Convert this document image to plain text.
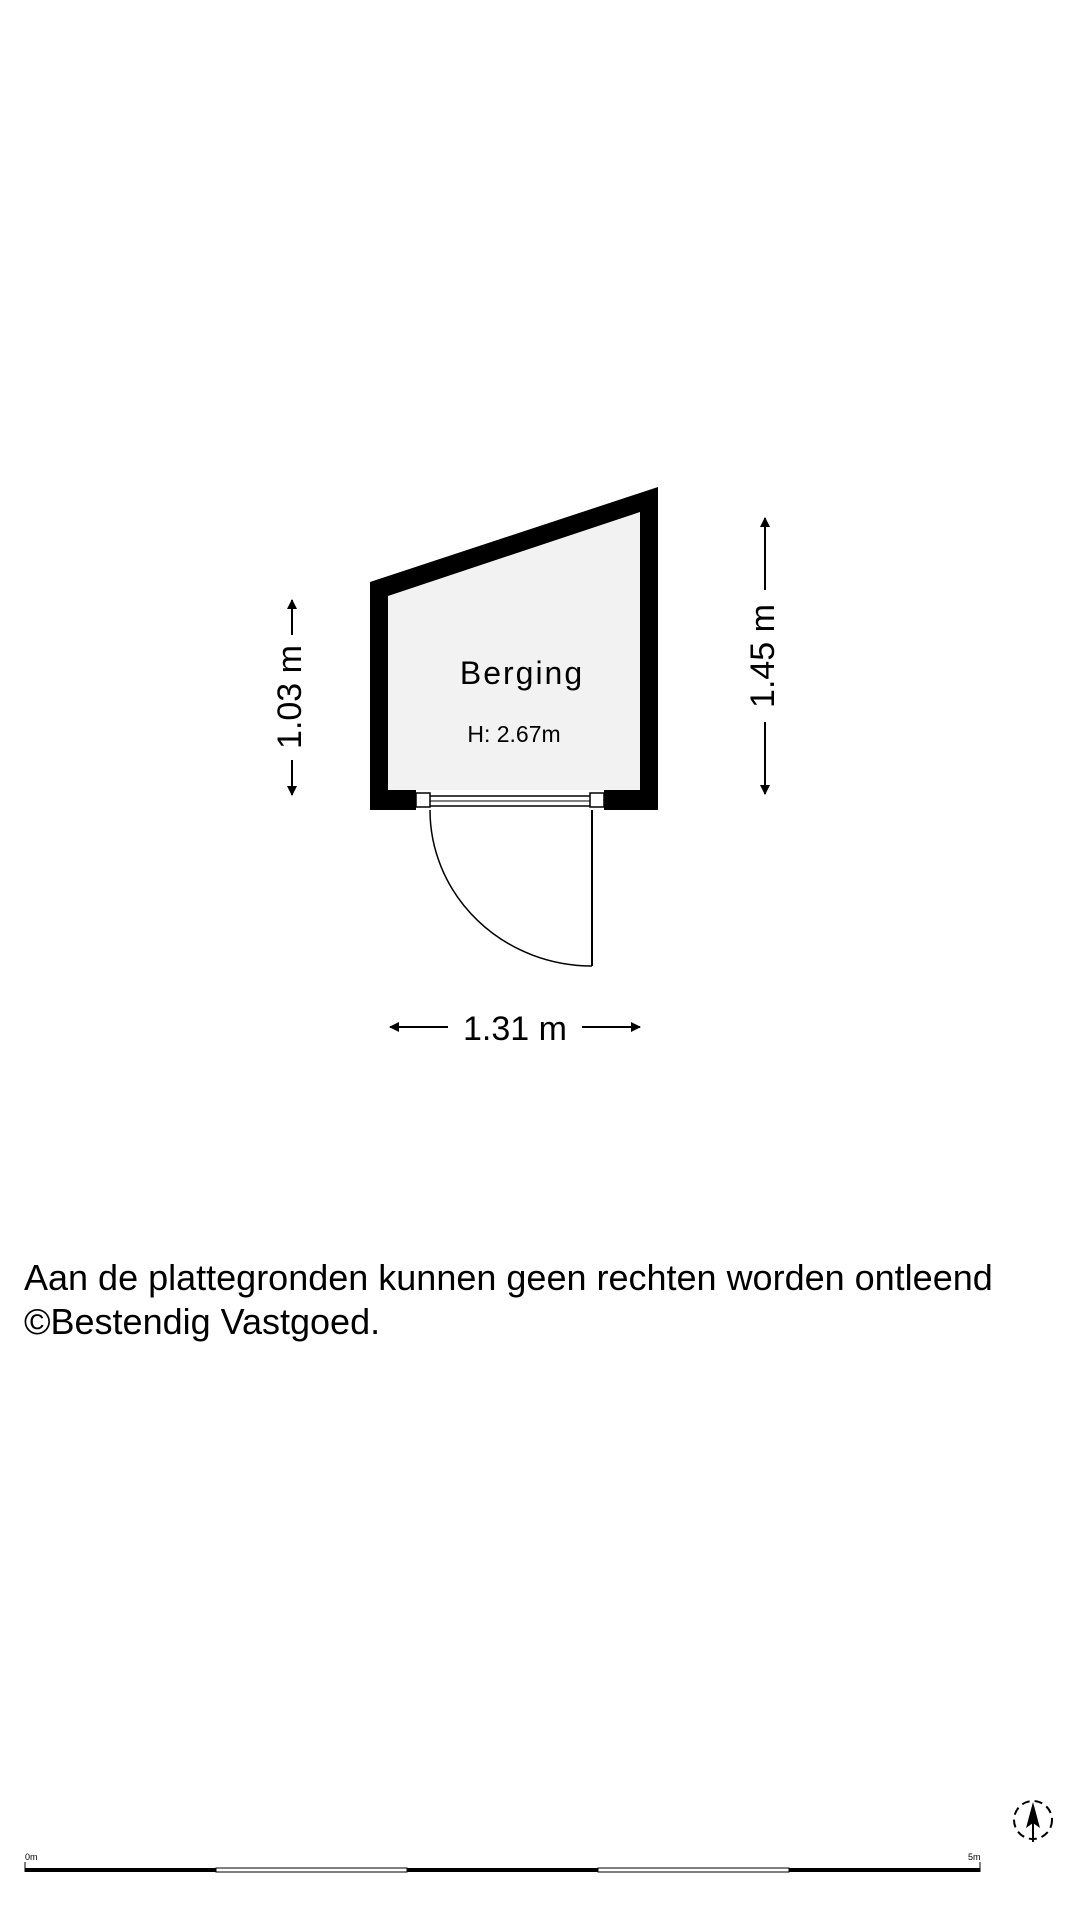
Berging
H: 2.67m
1.03 m	1.45 m
1.31 m
0m	5m
Aan de plattegronden kunnen geen rechten worden ontleend
©Bestendig Vastgoed.
